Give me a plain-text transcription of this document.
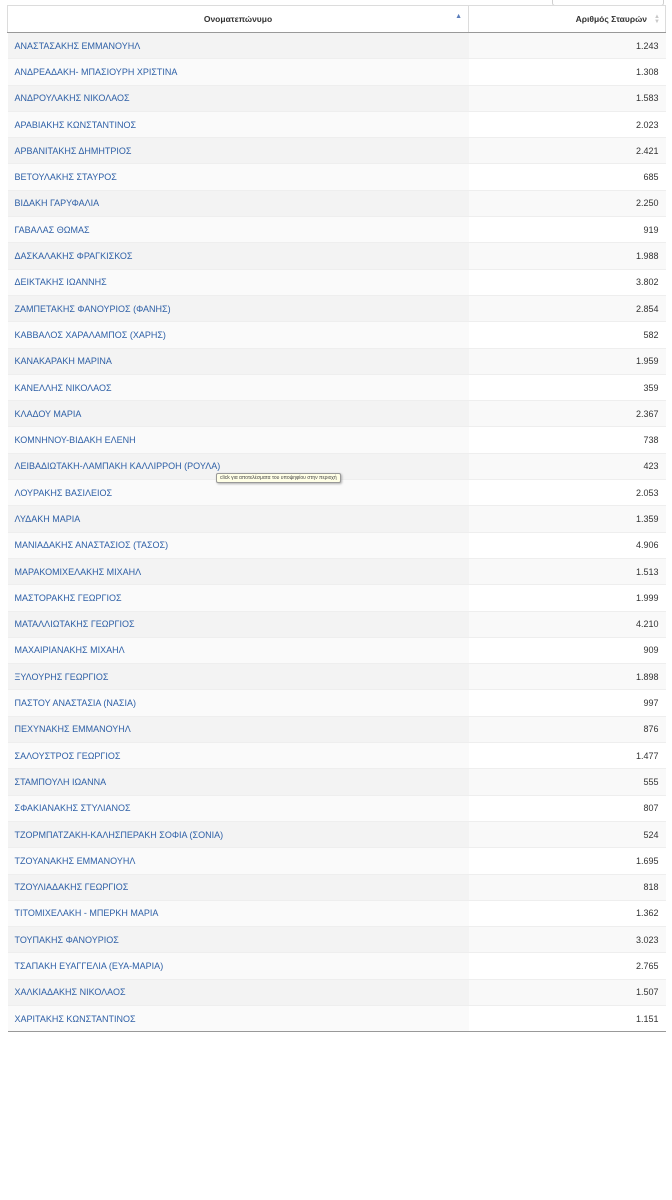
Ονοματεπώνυμο ▲	Αριθμός Σταυρών ▲
▼

ΑΝΑΣΤΑΣΑΚΗΣ ΕΜΜΑΝΟΥΗΛ	1.243
ΑΝΔΡΕΑΔΑΚΗ- ΜΠΑΣΙΟΥΡΗ ΧΡΙΣΤΙΝΑ	1.308
ΑΝΔΡΟΥΛΑΚΗΣ ΝΙΚΟΛΑΟΣ	1.583
ΑΡΑΒΙΑΚΗΣ ΚΩΝΣΤΑΝΤΙΝΟΣ	2.023
ΑΡΒΑΝΙΤΑΚΗΣ ΔΗΜΗΤΡΙΟΣ	2.421
ΒΕΤΟΥΛΑΚΗΣ ΣΤΑΥΡΟΣ	685
ΒΙΔΑΚΗ ΓΑΡΥΦΑΛΙΑ	2.250
ΓΑΒΑΛΑΣ ΘΩΜΑΣ	919
ΔΑΣΚΑΛΑΚΗΣ ΦΡΑΓΚΙΣΚΟΣ	1.988
ΔΕΙΚΤΑΚΗΣ ΙΩΑΝΝΗΣ	3.802
ΖΑΜΠΕΤΑΚΗΣ ΦΑΝΟΥΡΙΟΣ (ΦΑΝΗΣ)	2.854
ΚΑΒΒΑΛΟΣ ΧΑΡΑΛΑΜΠΟΣ (ΧΑΡΗΣ)	582
ΚΑΝΑΚΑΡΑΚΗ ΜΑΡΙΝΑ	1.959
ΚΑΝΕΛΛΗΣ ΝΙΚΟΛΑΟΣ	359
ΚΛΑΔΟΥ ΜΑΡΙΑ	2.367
ΚΟΜΝΗΝΟΥ-ΒΙΔΑΚΗ ΕΛΕΝΗ	738
ΛΕΙΒΑΔΙΩΤΑΚΗ-ΛΑΜΠΑΚΗ ΚΑΛΛΙΡΡΟΗ (ΡΟΥΛΑ)	423
ΛΟΥΡΑΚΗΣ ΒΑΣΙΛΕΙΟΣ	2.053
ΛΥΔΑΚΗ ΜΑΡΙΑ	1.359
ΜΑΝΙΑΔΑΚΗΣ ΑΝΑΣΤΑΣΙΟΣ (ΤΑΣΟΣ)	4.906
ΜΑΡΑΚΟΜΙΧΕΛΑΚΗΣ ΜΙΧΑΗΛ	1.513
ΜΑΣΤΟΡΑΚΗΣ ΓΕΩΡΓΙΟΣ	1.999
ΜΑΤΑΛΛΙΩΤΑΚΗΣ ΓΕΩΡΓΙΟΣ	4.210
ΜΑΧΑΙΡΙΑΝΑΚΗΣ ΜΙΧΑΗΛ	909
ΞΥΛΟΥΡΗΣ ΓΕΩΡΓΙΟΣ	1.898
ΠΑΣΤΟΥ ΑΝΑΣΤΑΣΙΑ (ΝΑΣΙΑ)	997
ΠΕΧΥΝΑΚΗΣ ΕΜΜΑΝΟΥΗΛ	876
ΣΑΛΟΥΣΤΡΟΣ ΓΕΩΡΓΙΟΣ	1.477
ΣΤΑΜΠΟΥΛΗ ΙΩΑΝΝΑ	555
ΣΦΑΚΙΑΝΑΚΗΣ ΣΤΥΛΙΑΝΟΣ	807
ΤΖΟΡΜΠΑΤΖΑΚΗ-ΚΑΛΗΣΠΕΡΑΚΗ ΣΟΦΙΑ (ΣΟΝΙΑ)	524
ΤΖΟΥΑΝΑΚΗΣ ΕΜΜΑΝΟΥΗΛ	1.695
ΤΖΟΥΛΙΑΔΑΚΗΣ ΓΕΩΡΓΙΟΣ	818
ΤΙΤΟΜΙΧΕΛΑΚΗ - ΜΠΕΡΚΗ ΜΑΡΙΑ	1.362
ΤΟΥΠΑΚΗΣ ΦΑΝΟΥΡΙΟΣ	3.023
ΤΣΑΠΑΚΗ ΕΥΑΓΓΕΛΙΑ (ΕΥΑ-ΜΑΡΙΑ)	2.765
ΧΑΛΚΙΑΔΑΚΗΣ ΝΙΚΟΛΑΟΣ	1.507
ΧΑΡΙΤΑΚΗΣ ΚΩΝΣΤΑΝΤΙΝΟΣ	1.151
click για αποτελέσματα του υποψηφίου στην περιοχή
